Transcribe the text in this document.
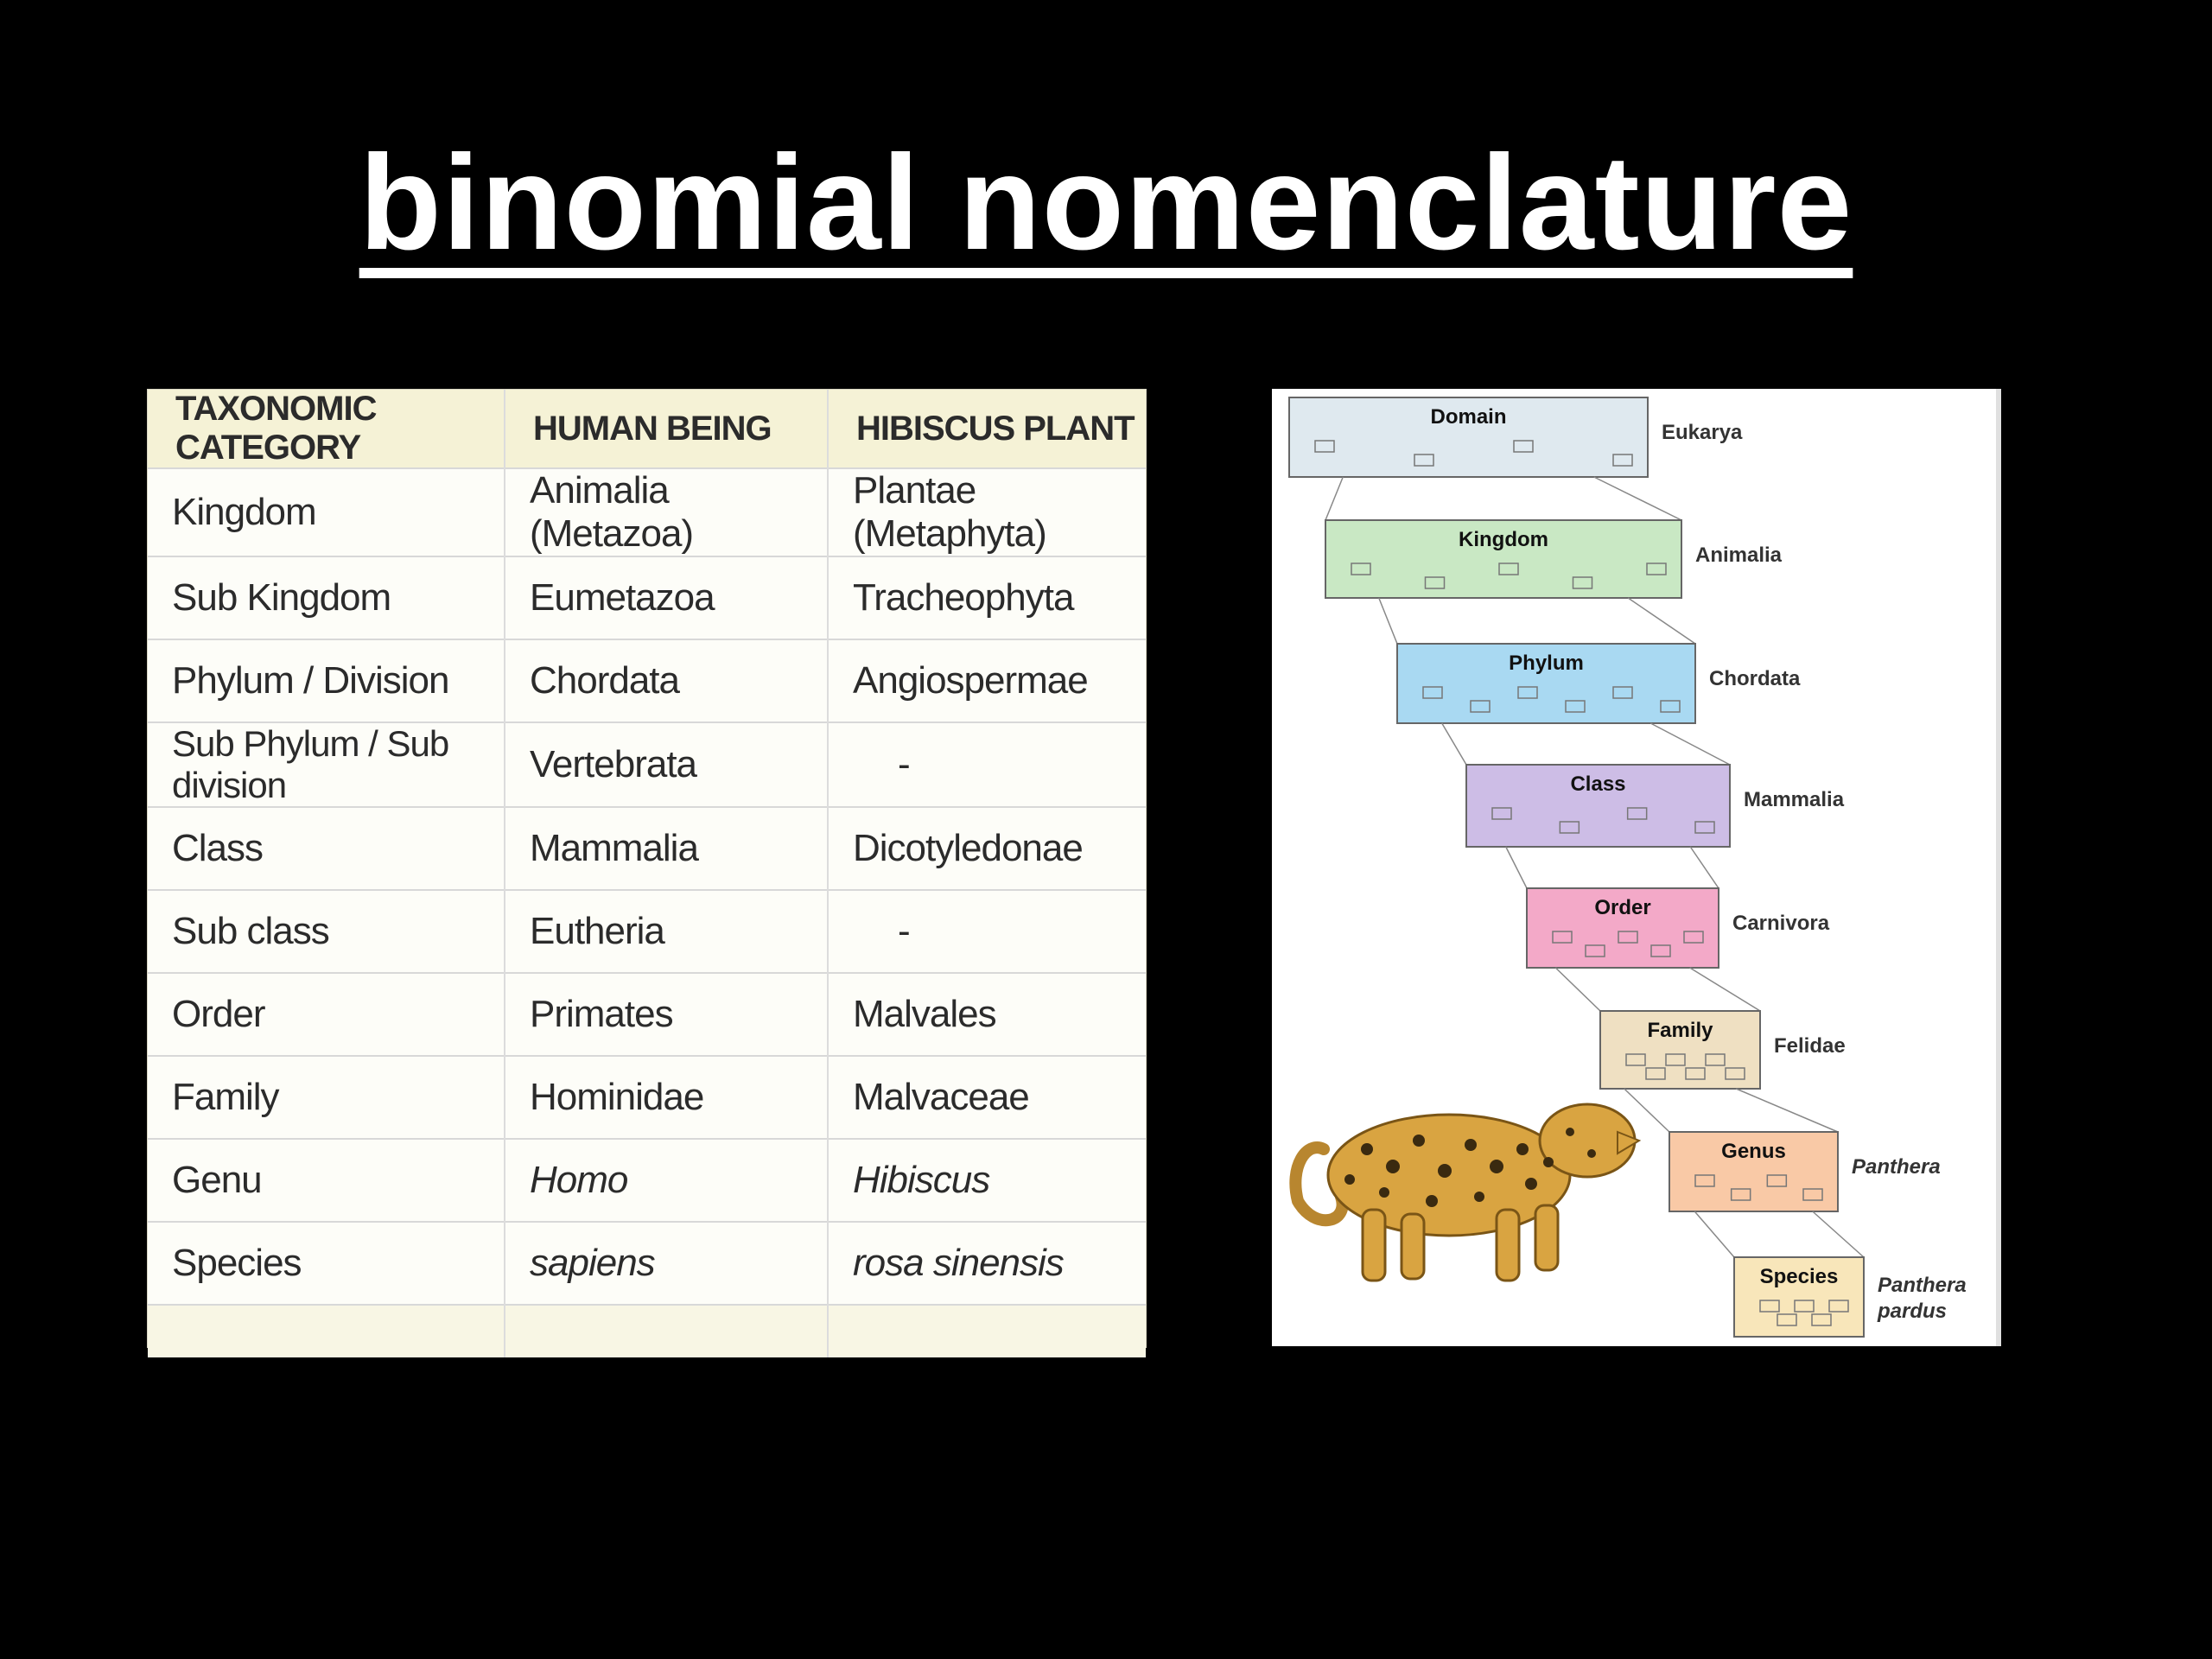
binomial nomenclature
TAXONOMIC CATEGORY	HUMAN BEING	HIBISCUS PLANT
Kingdom	Animalia (Metazoa)	Plantae (Metaphyta)
Sub Kingdom	Eumetazoa	Tracheophyta
Phylum / Division	Chordata	Angiospermae
Sub Phylum / Sub division	Vertebrata	-
Class	Mammalia	Dicotyledonae
Sub class	Eutheria	-
Order	Primates	Malvales
Family	Hominidae	Malvaceae
Genu	Homo	Hibiscus
Species	sapiens	rosa sinensis

Domain
Eukarya
Kingdom
Animalia
Phylum
Chordata
Class
Mammalia
Order
Carnivora
Family
Felidae
Genus
Panthera
Species Panthera pardus
